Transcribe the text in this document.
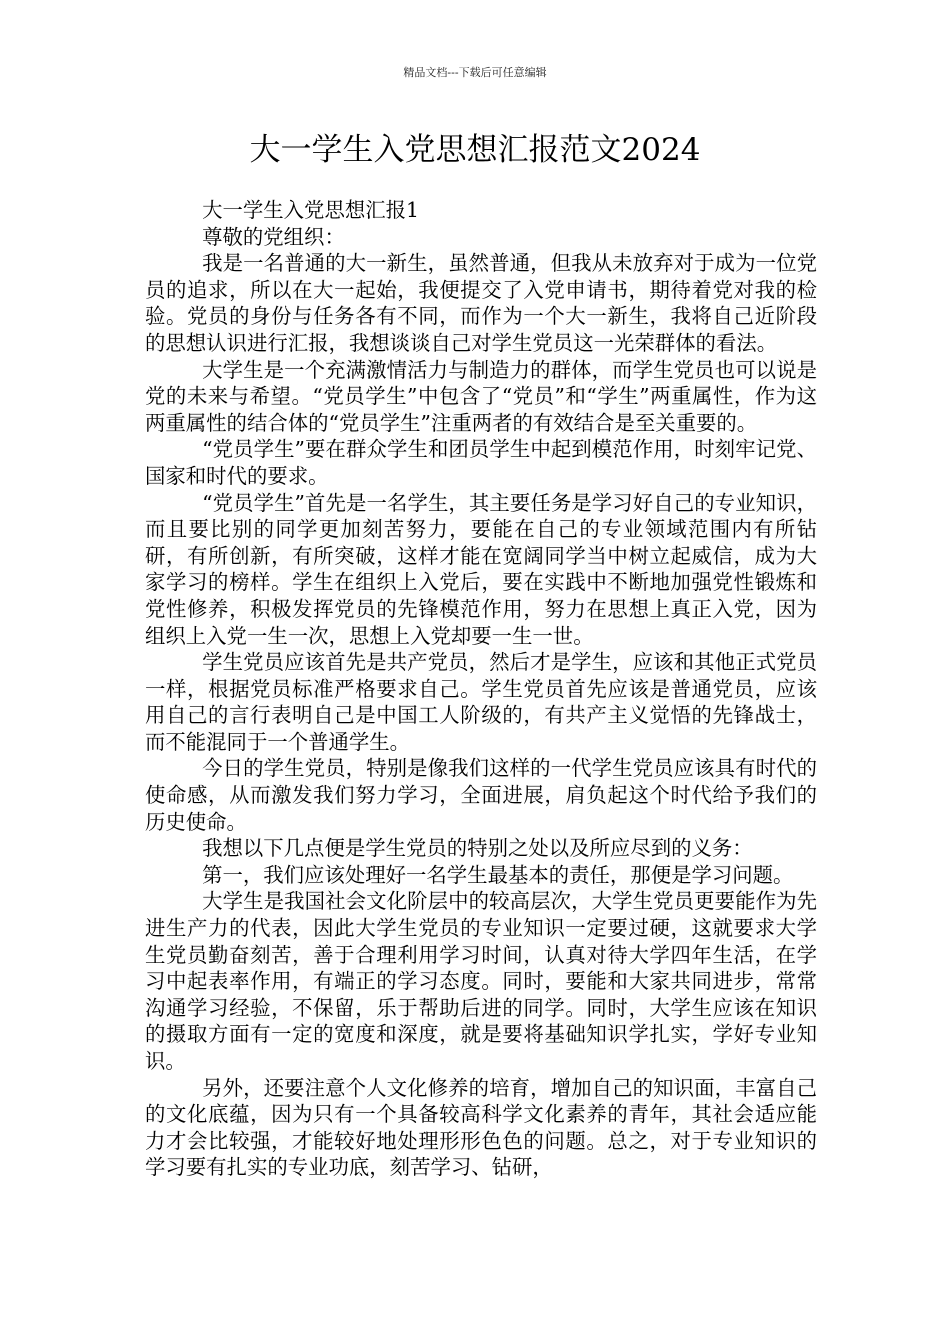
精品文档---下载后可任意编辑
大一学生入党思想汇报范文2024

大一学生入党思想汇报1

尊敬的党组织：

我是一名普通的大一新生，虽然普通，但我从未放弃对于成为一位党员的追求，所以在大一起始，我便提交了入党申请书，期待着党对我的检验。党员的身份与任务各有不同，而作为一个大一新生，我将自己近阶段的思想认识进行汇报，我想谈谈自己对学生党员这一光荣群体的看法。

大学生是一个充满激情活力与制造力的群体，而学生党员也可以说是党的未来与希望。“党员学生”中包含了“党员”和“学生”两重属性，作为这两重属性的结合体的“党员学生”注重两者的有效结合是至关重要的。

“党员学生”要在群众学生和团员学生中起到模范作用，时刻牢记党、国家和时代的要求。

“党员学生”首先是一名学生，其主要任务是学习好自己的专业知识，而且要比别的同学更加刻苦努力，要能在自己的专业领域范围内有所钻研，有所创新，有所突破，这样才能在宽阔同学当中树立起威信，成为大家学习的榜样。学生在组织上入党后，要在实践中不断地加强党性锻炼和党性修养，积极发挥党员的先锋模范作用，努力在思想上真正入党，因为组织上入党一生一次，思想上入党却要一生一世。

学生党员应该首先是共产党员，然后才是学生，应该和其他正式党员一样，根据党员标准严格要求自己。学生党员首先应该是普通党员，应该用自己的言行表明自己是中国工人阶级的，有共产主义觉悟的先锋战士，而不能混同于一个普通学生。

今日的学生党员，特别是像我们这样的一代学生党员应该具有时代的使命感，从而激发我们努力学习，全面进展，肩负起这个时代给予我们的历史使命。

我想以下几点便是学生党员的特别之处以及所应尽到的义务：

第一，我们应该处理好一名学生最基本的责任，那便是学习问题。

大学生是我国社会文化阶层中的较高层次，大学生党员更要能作为先进生产力的代表，因此大学生党员的专业知识一定要过硬，这就要求大学生党员勤奋刻苦，善于合理利用学习时间，认真对待大学四年生活，在学习中起表率作用，有端正的学习态度。同时，要能和大家共同进步，常常沟通学习经验，不保留，乐于帮助后进的同学。同时，大学生应该在知识的摄取方面有一定的宽度和深度，就是要将基础知识学扎实，学好专业知识。

另外，还要注意个人文化修养的培育，增加自己的知识面，丰富自己的文化底蕴，因为只有一个具备较高科学文化素养的青年，其社会适应能力才会比较强，才能较好地处理形形色色的问题。总之，对于专业知识的学习要有扎实的专业功底，刻苦学习、钻研，
